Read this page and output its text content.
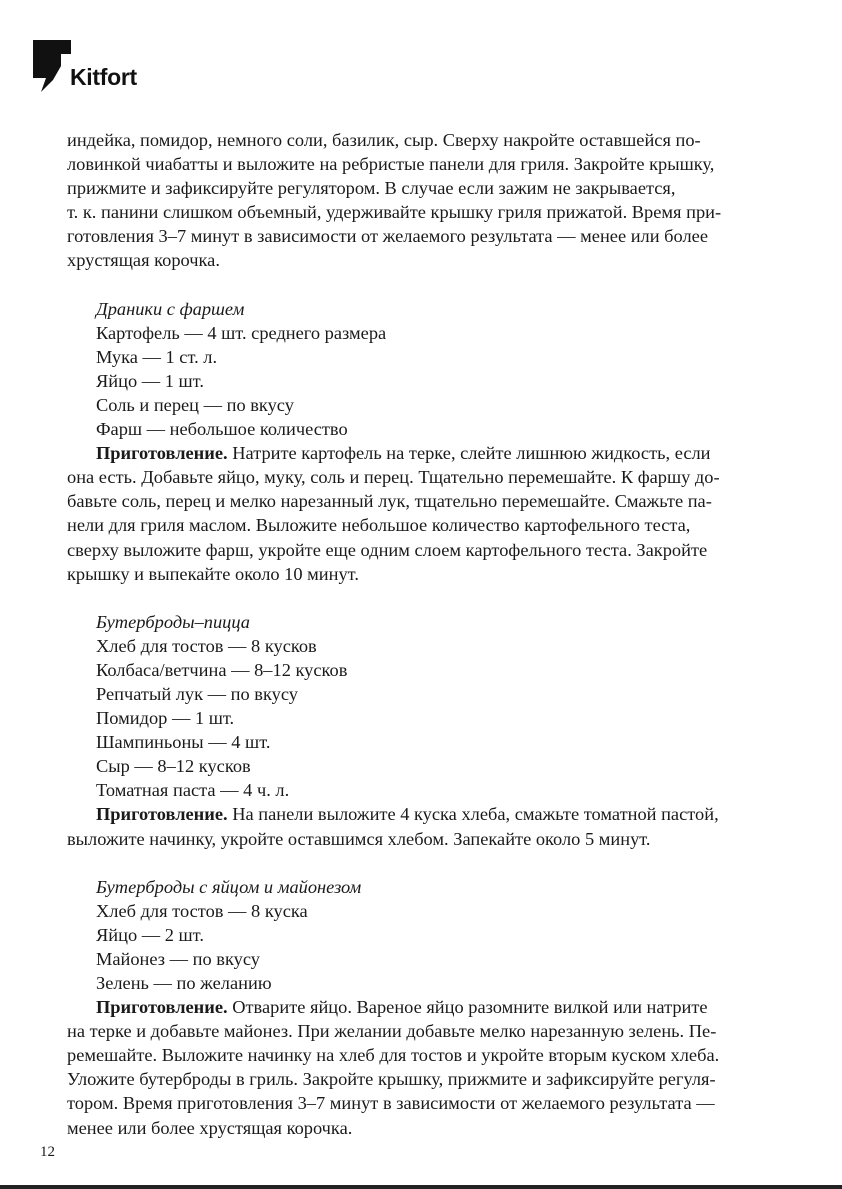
Kitfort
индейка, помидор, немного соли, базилик, сыр. Сверху накройте оставшейся по-
ловинкой чиабатты и выложите на ребристые панели для гриля. Закройте крышку,
прижмите и зафиксируйте регулятором. В случае если зажим не закрывается,
т. к. панини слишком объемный, удерживайте крышку гриля прижатой. Время при-
готовления 3–7 минут в зависимости от желаемого результата — менее или более
хрустящая корочка.
Драники с фаршем
Картофель — 4 шт. среднего размера
Мука — 1 ст. л.
Яйцо — 1 шт.
Соль и перец — по вкусу
Фарш — небольшое количество
Приготовление. Натрите картофель на терке, слейте лишнюю жидкость, если
она есть. Добавьте яйцо, муку, соль и перец. Тщательно перемешайте. К фаршу до-
бавьте соль, перец и мелко нарезанный лук, тщательно перемешайте. Смажьте па-
нели для гриля маслом. Выложите небольшое количество картофельного теста,
сверху выложите фарш, укройте еще одним слоем картофельного теста. Закройте
крышку и выпекайте около 10 минут.
Бутерброды–пицца
Хлеб для тостов — 8 кусков
Колбаса/ветчина — 8–12 кусков
Репчатый лук — по вкусу
Помидор — 1 шт.
Шампиньоны — 4 шт.
Сыр — 8–12 кусков
Томатная паста — 4 ч. л.
Приготовление. На панели выложите 4 куска хлеба, смажьте томатной пастой,
выложите начинку, укройте оставшимся хлебом. Запекайте около 5 минут.
Бутерброды с яйцом и майонезом
Хлеб для тостов — 8 куска
Яйцо — 2 шт.
Майонез — по вкусу
Зелень — по желанию
Приготовление. Отварите яйцо. Вареное яйцо разомните вилкой или натрите
на терке и добавьте майонез. При желании добавьте мелко нарезанную зелень. Пе-
ремешайте. Выложите начинку на хлеб для тостов и укройте вторым куском хлеба.
Уложите бутерброды в гриль. Закройте крышку, прижмите и зафиксируйте регуля-
тором. Время приготовления 3–7 минут в зависимости от желаемого результата —
менее или более хрустящая корочка.
12
